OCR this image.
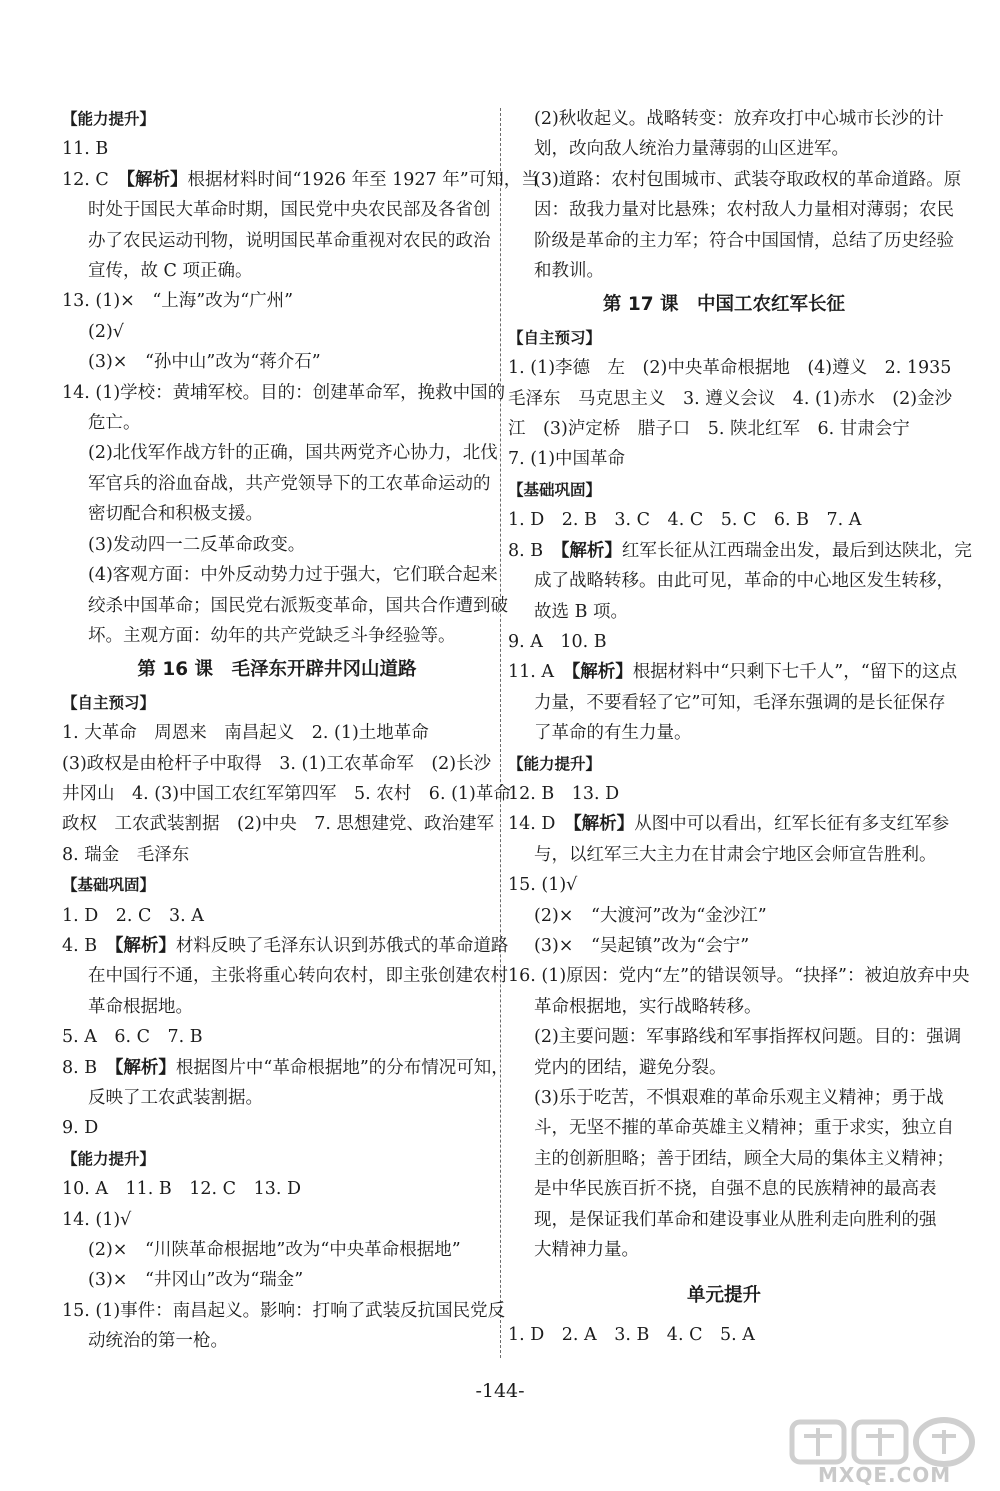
【能力提升】

11. B

12. C　【解析】根据材料时间“1926 年至 1927 年”可知，当

时处于国民大革命时期，国民党中央农民部及各省创

办了农民运动刊物，说明国民革命重视对农民的政治

宣传，故 C 项正确。

13. (1)×　“上海”改为“广州”

(2)√

(3)×　“孙中山”改为“蒋介石”

14. (1)学校：黄埔军校。目的：创建革命军，挽救中国的

危亡。

(2)北伐军作战方针的正确，国共两党齐心协力，北伐

军官兵的浴血奋战，共产党领导下的工农革命运动的

密切配合和积极支援。

(3)发动四一二反革命政变。

(4)客观方面：中外反动势力过于强大，它们联合起来

绞杀中国革命；国民党右派叛变革命，国共合作遭到破

坏。主观方面：幼年的共产党缺乏斗争经验等。

第 16 课　毛泽东开辟井冈山道路

【自主预习】

1. 大革命　周恩来　南昌起义　2. (1)土地革命

(3)政权是由枪杆子中取得　3. (1)工农革命军　(2)长沙

井冈山　4. (3)中国工农红军第四军　5. 农村　6. (1)革命

政权　工农武装割据　(2)中央　7. 思想建党、政治建军

8. 瑞金　毛泽东

【基础巩固】

1. D　2. C　3. A

4. B　【解析】材料反映了毛泽东认识到苏俄式的革命道路

在中国行不通，主张将重心转向农村，即主张创建农村

革命根据地。

5. A　6. C　7. B

8. B　【解析】根据图片中“革命根据地”的分布情况可知，

反映了工农武装割据。

9. D

【能力提升】

10. A　11. B　12. C　13. D

14. (1)√

(2)×　“川陕革命根据地”改为“中央革命根据地”

(3)×　“井冈山”改为“瑞金”

15. (1)事件：南昌起义。影响：打响了武装反抗国民党反

动统治的第一枪。

(2)秋收起义。战略转变：放弃攻打中心城市长沙的计

划，改向敌人统治力量薄弱的山区进军。

(3)道路：农村包围城市、武装夺取政权的革命道路。原

因：敌我力量对比悬殊；农村敌人力量相对薄弱；农民

阶级是革命的主力军；符合中国国情，总结了历史经验

和教训。

第 17 课　中国工农红军长征

【自主预习】

1. (1)李德　左　(2)中央革命根据地　(4)遵义　2. 1935

毛泽东　马克思主义　3. 遵义会议　4. (1)赤水　(2)金沙

江　(3)泸定桥　腊子口　5. 陕北红军　6. 甘肃会宁

7. (1)中国革命

【基础巩固】

1. D　2. B　3. C　4. C　5. C　6. B　7. A

8. B　【解析】红军长征从江西瑞金出发，最后到达陕北，完

成了战略转移。由此可见，革命的中心地区发生转移，

故选 B 项。

9. A　10. B

11. A　【解析】根据材料中“只剩下七千人”，“留下的这点

力量，不要看轻了它”可知，毛泽东强调的是长征保存

了革命的有生力量。

【能力提升】

12. B　13. D

14. D　【解析】从图中可以看出，红军长征有多支红军参

与，以红军三大主力在甘肃会宁地区会师宣告胜利。

15. (1)√

(2)×　“大渡河”改为“金沙江”

(3)×　“吴起镇”改为“会宁”

16. (1)原因：党内“左”的错误领导。“抉择”：被迫放弃中央

革命根据地，实行战略转移。

(2)主要问题：军事路线和军事指挥权问题。目的：强调

党内的团结，避免分裂。

(3)乐于吃苦，不惧艰难的革命乐观主义精神；勇于战

斗，无坚不摧的革命英雄主义精神；重于求实，独立自

主的创新胆略；善于团结，顾全大局的集体主义精神；

是中华民族百折不挠，自强不息的民族精神的最高表

现，是保证我们革命和建设事业从胜利走向胜利的强

大精神力量。

单元提升

1. D　2. A　3. B　4. C　5. A

-144-
MXQE.COM
